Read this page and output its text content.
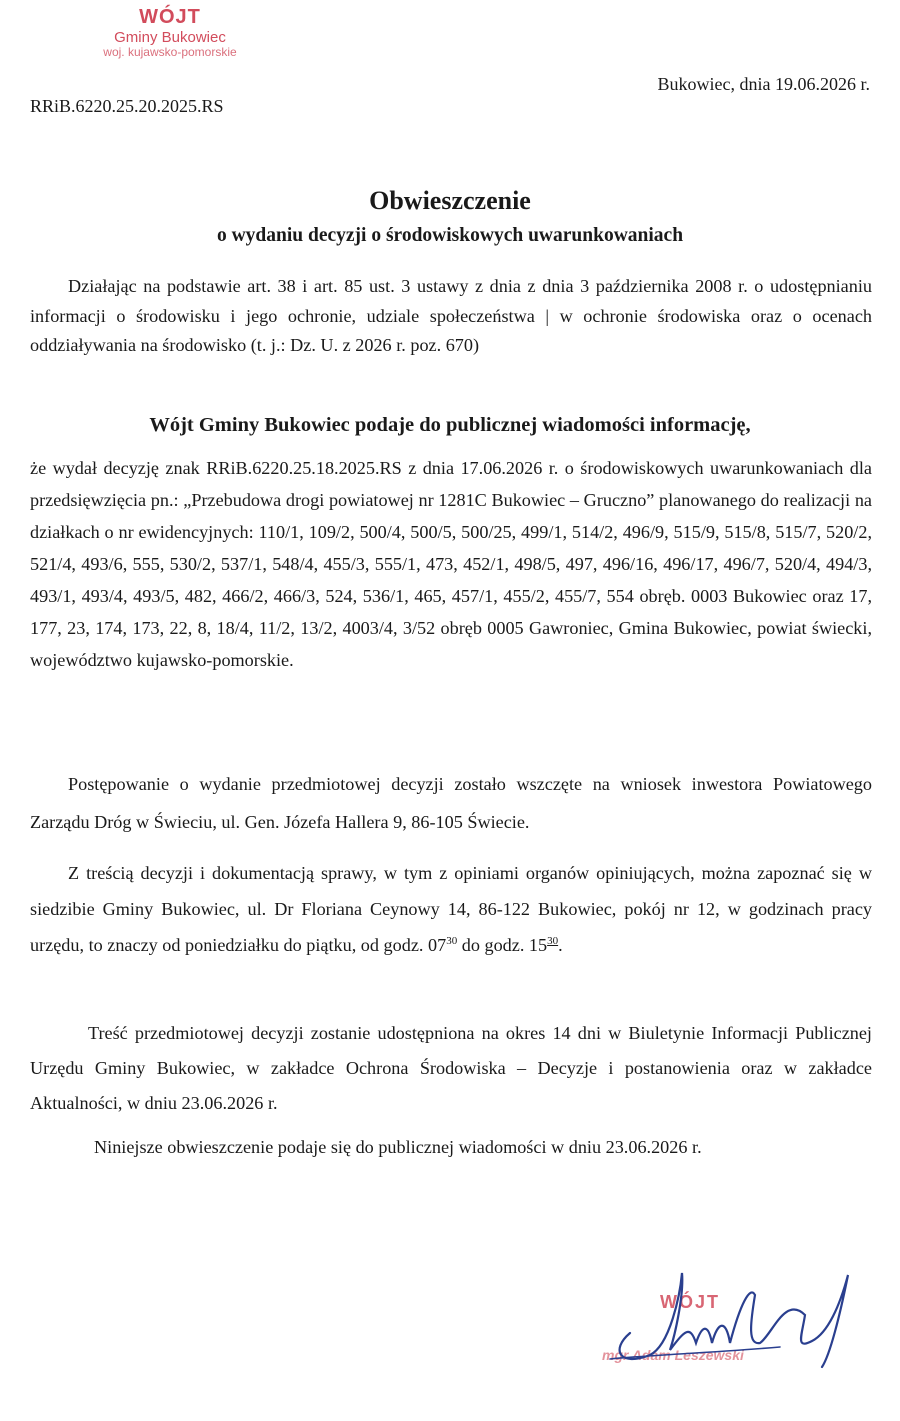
WÓJT
Gminy Bukowiec
woj. kujawsko-pomorskie
Bukowiec, dnia 19.06.2026 r.
RRiB.6220.25.20.2025.RS
Obwieszczenie
o wydaniu decyzji o środowiskowych uwarunkowaniach

Działając na podstawie art. 38 i art. 85 ust. 3 ustawy z dnia z dnia 3 października 2008 r. o udostępnianiu informacji o środowisku i jego ochronie, udziale społeczeństwa | w ochronie środowiska oraz o ocenach oddziaływania na środowisko (t. j.: Dz. U. z 2026 r. poz. 670)

Wójt Gminy Bukowiec podaje do publicznej wiadomości informację,

że wydał decyzję znak RRiB.6220.25.18.2025.RS z dnia 17.06.2026 r. o środowiskowych uwarunkowaniach dla przedsięwzięcia pn.: „Przebudowa drogi powiatowej nr 1281C Bukowiec – Gruczno” planowanego do realizacji na działkach o nr ewidencyjnych: 110/1, 109/2, 500/4, 500/5, 500/25, 499/1, 514/2, 496/9, 515/9, 515/8, 515/7, 520/2, 521/4, 493/6, 555, 530/2, 537/1, 548/4, 455/3, 555/1, 473, 452/1, 498/5, 497, 496/16, 496/17, 496/7, 520/4, 494/3, 493/1, 493/4, 493/5, 482, 466/2, 466/3, 524, 536/1, 465, 457/1, 455/2, 455/7, 554 obręb. 0003 Bukowiec oraz 17, 177, 23, 174, 173, 22, 8, 18/4, 11/2, 13/2, 4003/4, 3/52 obręb 0005 Gawroniec, Gmina Bukowiec, powiat świecki, województwo kujawsko-pomorskie.

Postępowanie o wydanie przedmiotowej decyzji zostało wszczęte na wniosek inwestora Powiatowego Zarządu Dróg w Świeciu, ul. Gen. Józefa Hallera 9, 86-105 Świecie.

Z treścią decyzji i dokumentacją sprawy, w tym z opiniami organów opiniujących, można zapoznać się w siedzibie Gminy Bukowiec, ul. Dr Floriana Ceynowy 14, 86-122 Bukowiec, pokój nr 12, w godzinach pracy urzędu, to znaczy od poniedziałku do piątku, od godz. $07^{30}$ do godz. $15^{30}$.

Treść przedmiotowej decyzji zostanie udostępniona na okres 14 dni w Biuletynie Informacji Publicznej Urzędu Gminy Bukowiec, w zakładce Ochrona Środowiska – Decyzje i postanowienia oraz w zakładce Aktualności, w dniu 23.06.2026 r.

Niniejsze obwieszczenie podaje się do publicznej wiadomości w dniu 23.06.2026 r.

WÓJT
mgr Adam Leszewski
